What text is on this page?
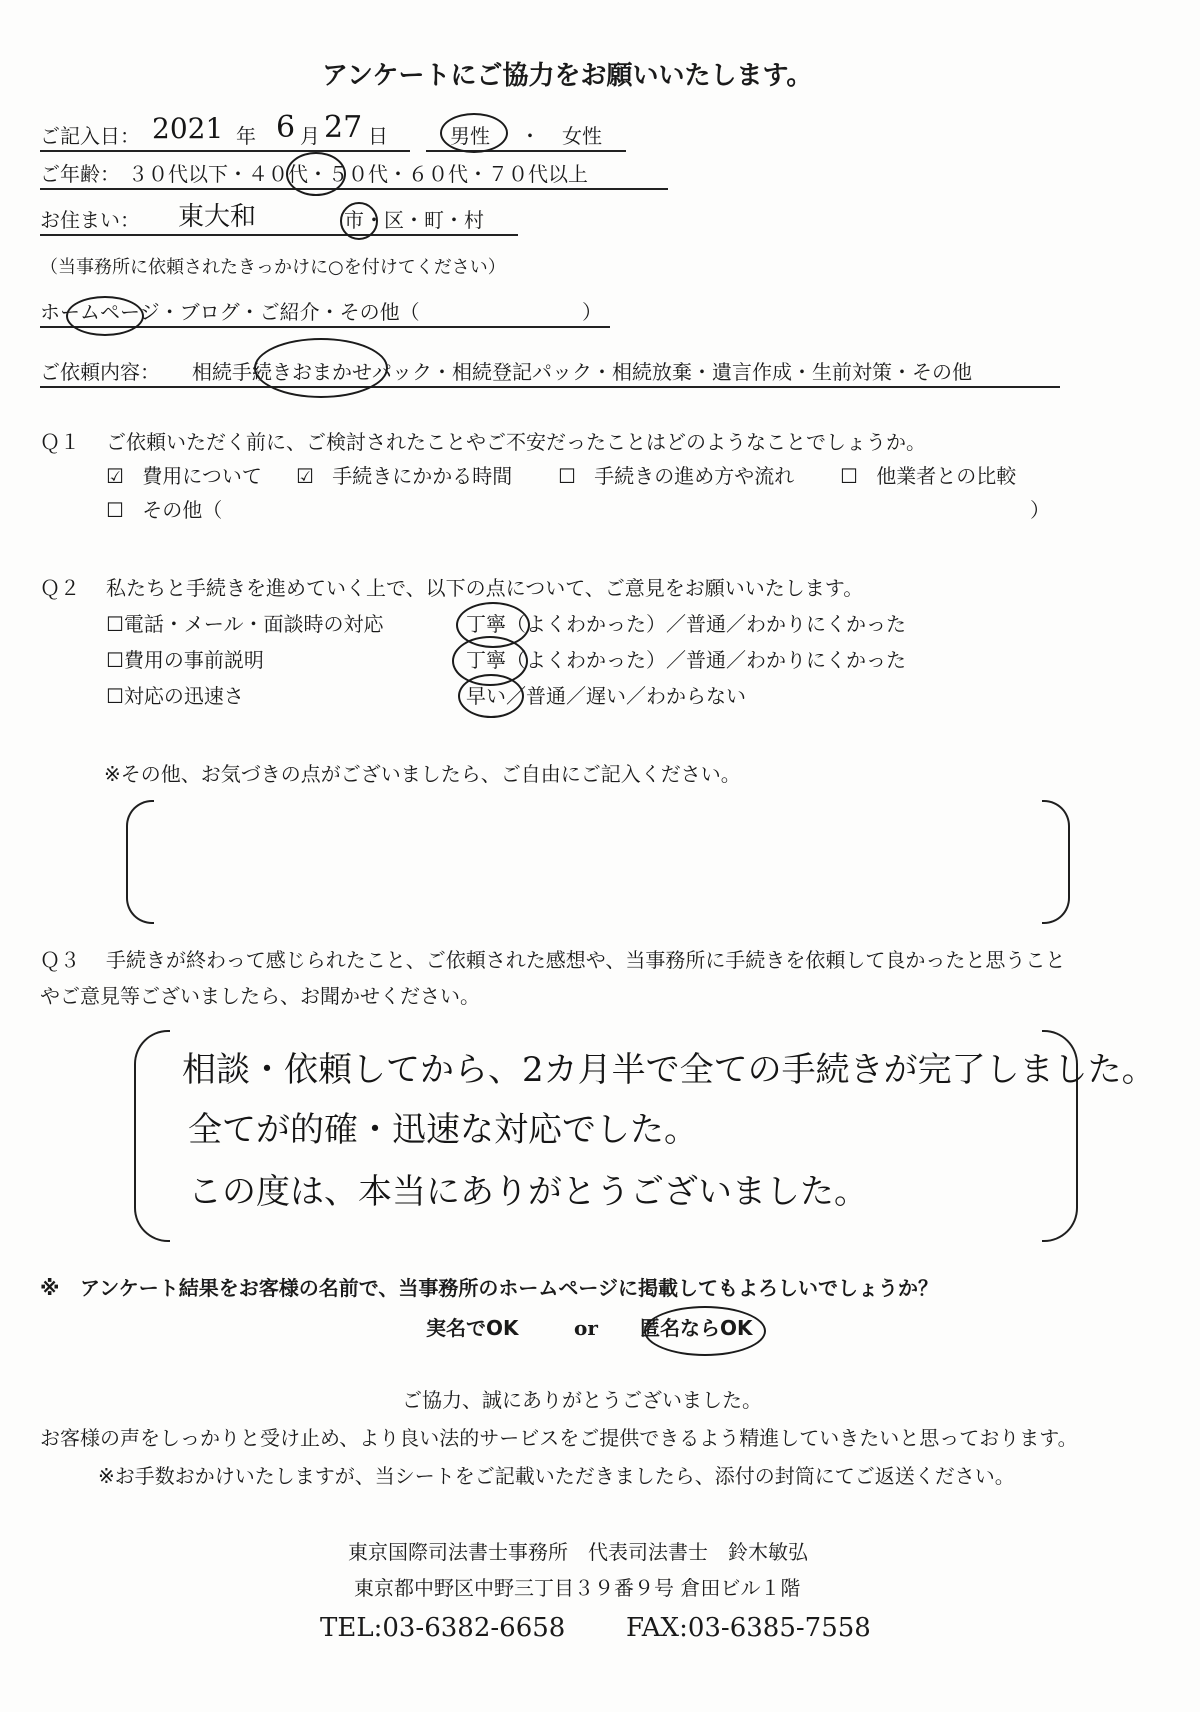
アンケートにご協力をお願いいたします。
ご記入日： 2021 年 6 月 27 日	男性 ・ 女性
ご年齢： ３０代以下・４０代・５０代・６０代・７０代以上
お住まい： 東大和	市・区・町・村
（当事務所に依頼されたきっかけに○を付けてください）
ホームページ・ブログ・ご紹介・その他（	）
ご依頼内容： 相続手続きおまかせパック・相続登記パック・相続放棄・遺言作成・生前対策・その他
Ｑ１ ご依頼いただく前に、ご検討されたことやご不安だったことはどのようなことでしょうか。
☑ 費用について ☑ 手続きにかかる時間 ☐ 手続きの進め方や流れ ☐ 他業者との比較
☐ その他（	）
Ｑ２ 私たちと手続きを進めていく上で、以下の点について、ご意見をお願いいたします。
☐電話・メール・面談時の対応	丁寧（よくわかった）／普通／わかりにくかった
☐費用の事前説明	丁寧（よくわかった）／普通／わかりにくかった
☐対応の迅速さ	早い／普通／遅い／わからない
※その他、お気づきの点がございましたら、ご自由にご記入ください。
Ｑ３ 手続きが終わって感じられたこと、ご依頼された感想や、当事務所に手続きを依頼して良かったと思うこと
やご意見等ございましたら、お聞かせください。
相談・依頼してから、2カ月半で全ての手続きが完了しました。
全てが的確・迅速な対応でした。
この度は、本当にありがとうございました。
※ アンケート結果をお客様の名前で、当事務所のホームページに掲載してもよろしいでしょうか？
実名でOK	or 匿名ならOK
ご協力、誠にありがとうございました。
お客様の声をしっかりと受け止め、より良い法的サービスをご提供できるよう精進していきたいと思っております。
※お手数おかけいたしますが、当シートをご記載いただきましたら、添付の封筒にてご返送ください。
東京国際司法書士事務所　代表司法書士　鈴木敏弘
東京都中野区中野三丁目３９番９号 倉田ビル１階
TEL:03-6382-6658 FAX:03-6385-7558
